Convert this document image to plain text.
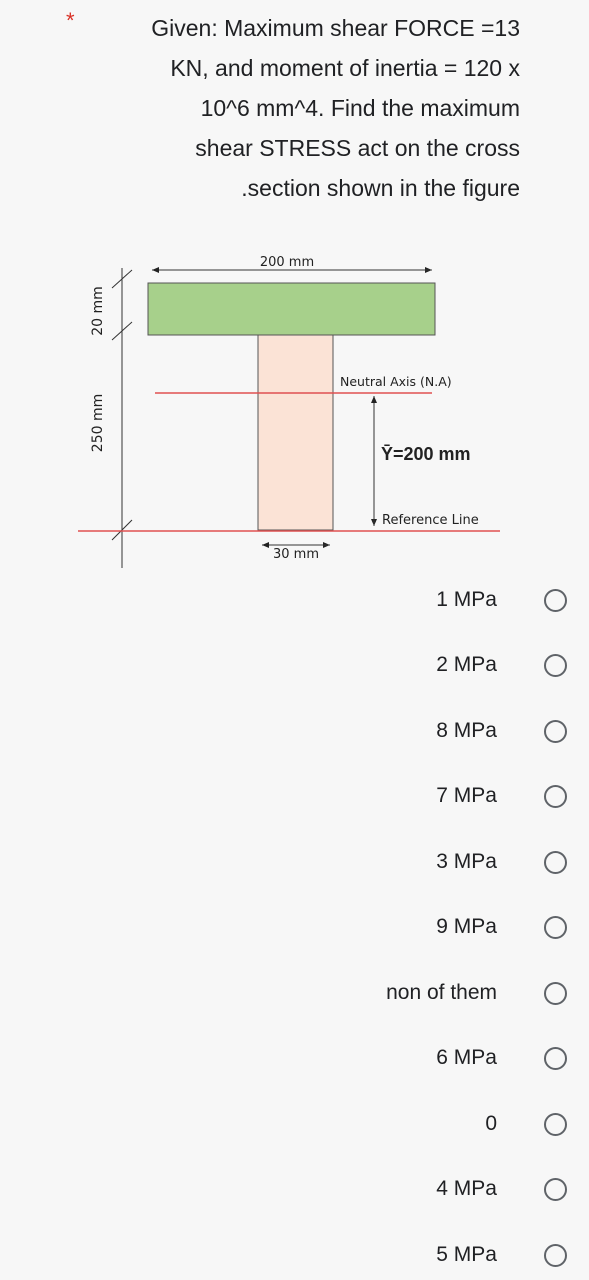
*	Given: Maximum shear FORCE =13
KN, and moment of inertia = 120 x
10^6 mm^4. Find the maximum
shear STRESS act on the cross
.section shown in the figure
200 mm
Neutral Axis (N.A)
Reference Line
Ȳ=200 mm
30 mm
20 mm
250 mm
1 MPa
2 MPa
8 MPa
7 MPa
3 MPa
9 MPa
non of them
6 MPa
0
4 MPa
5 MPa
